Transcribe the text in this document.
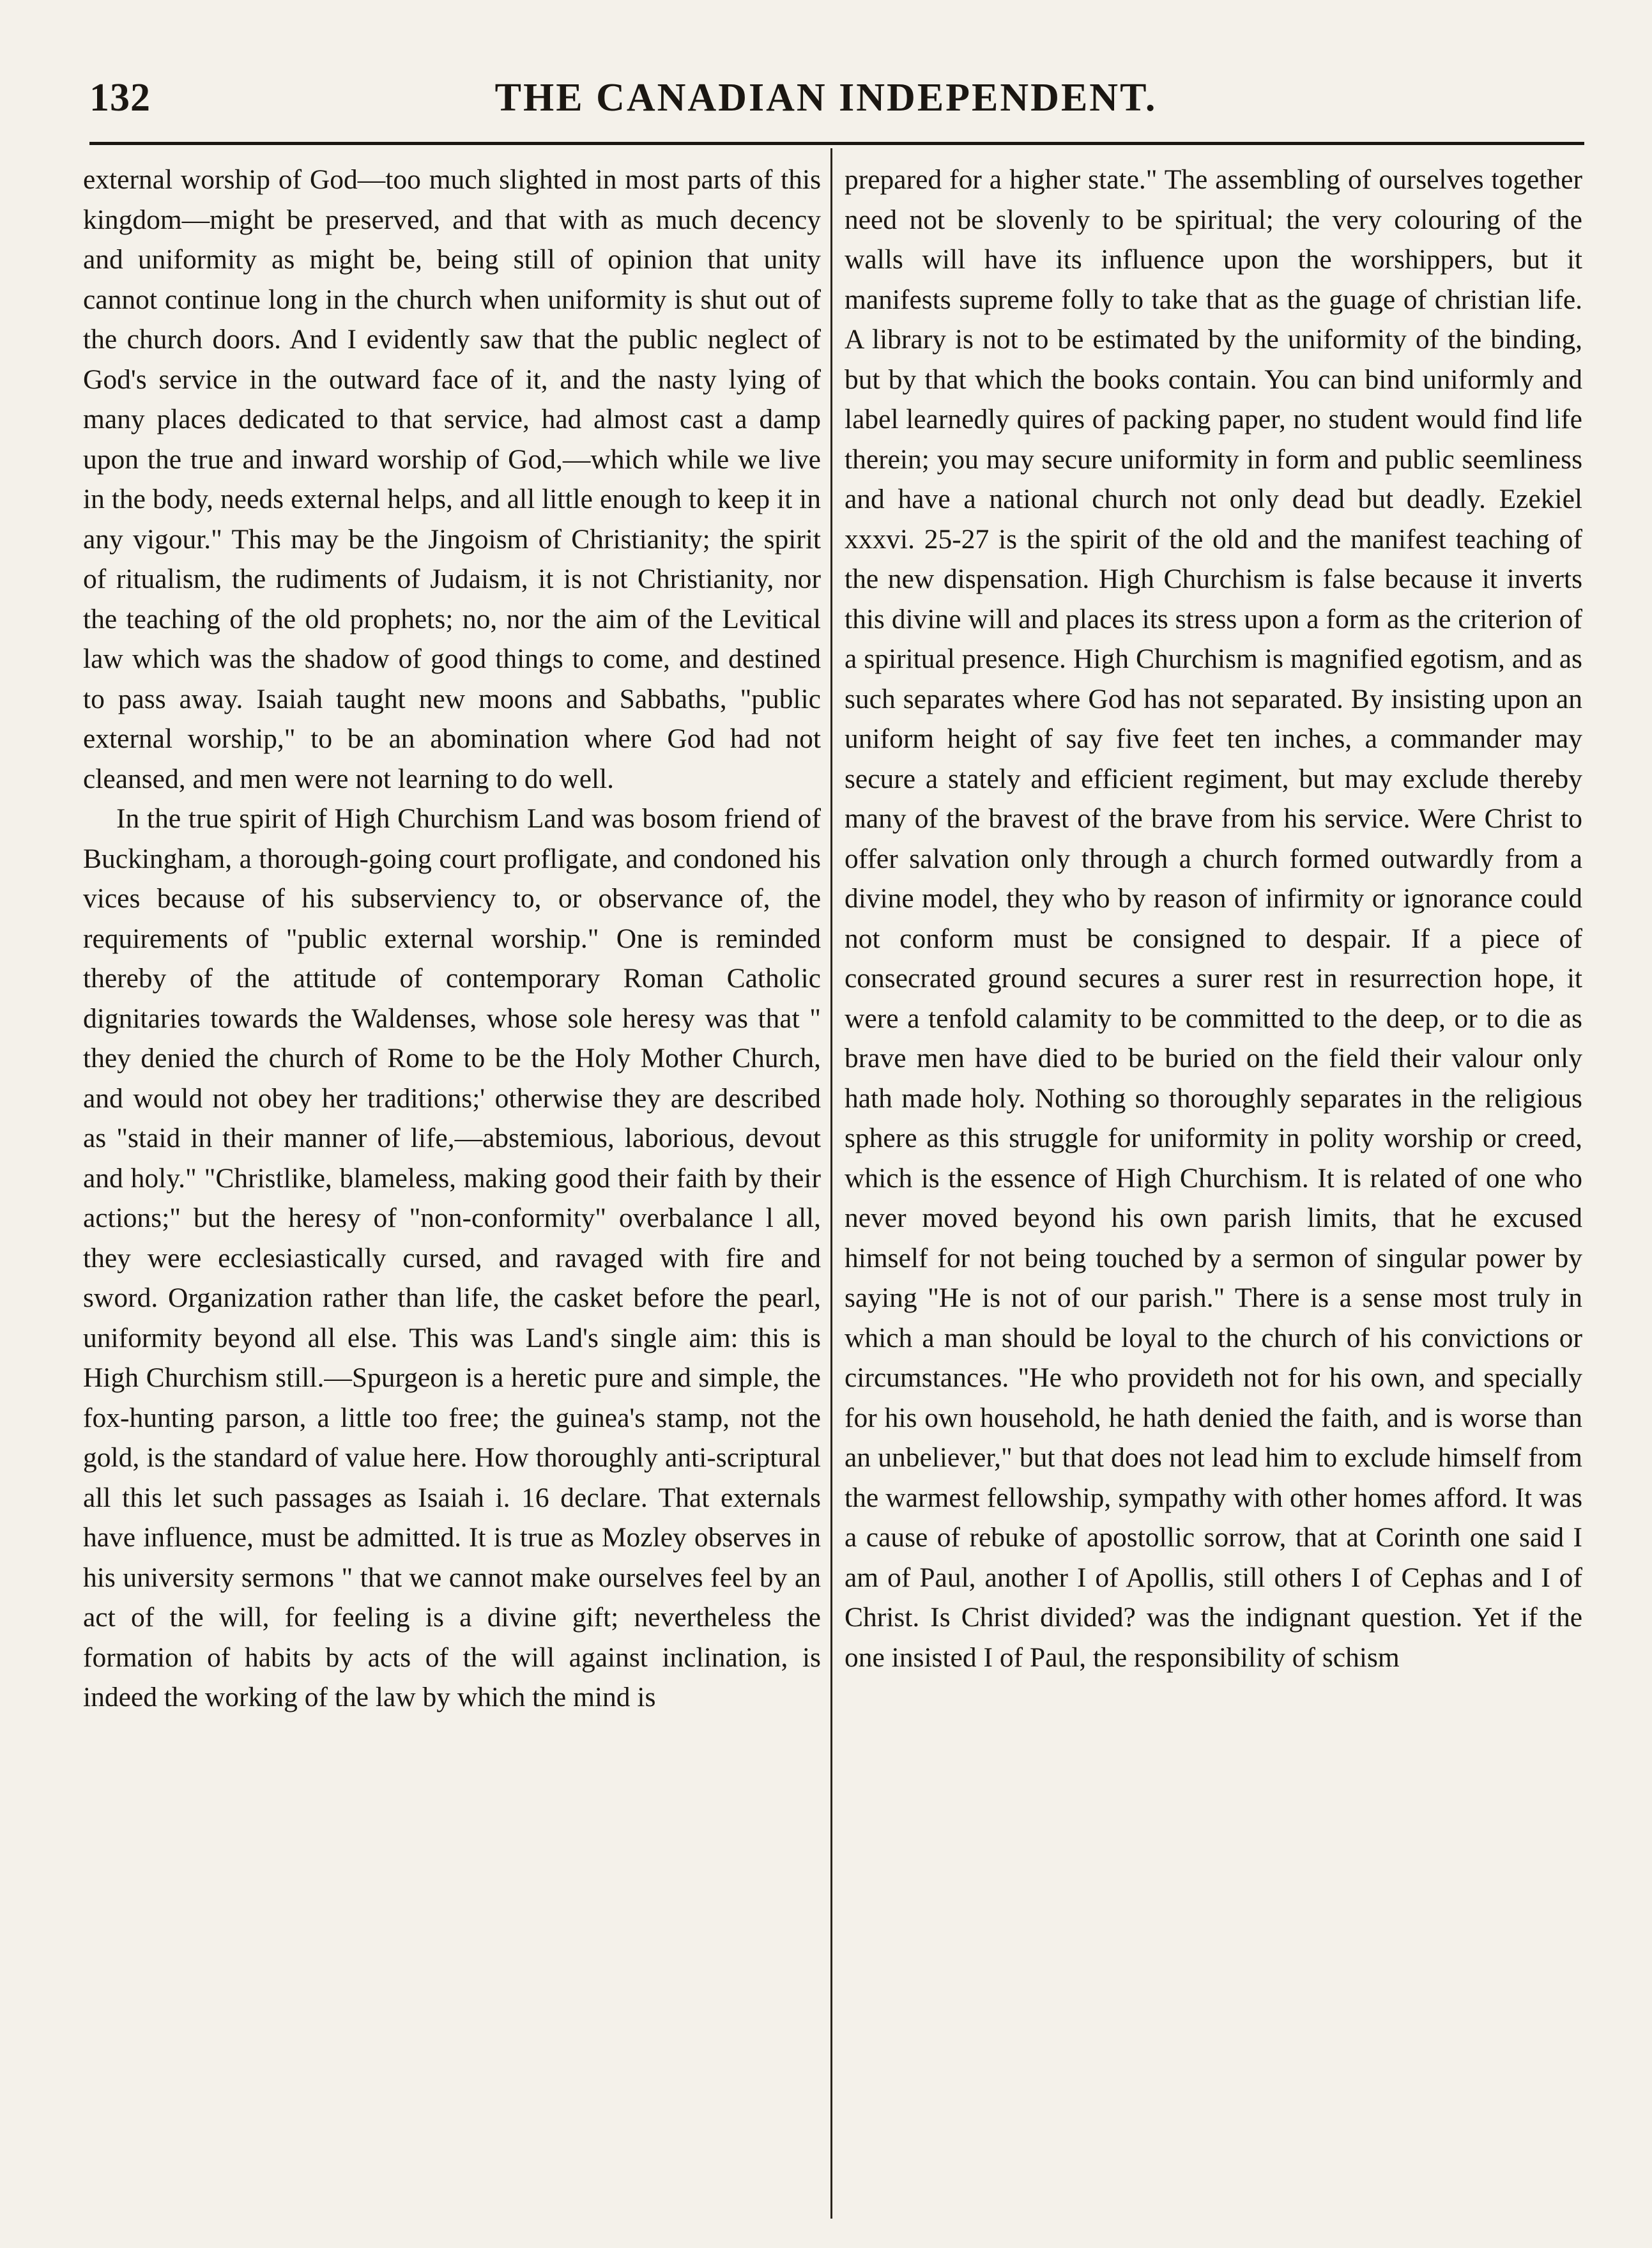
132	THE CANADIAN INDEPENDENT.

external worship of God—too much slighted in most parts of this kingdom—might be preserved, and that with as much decency and uniformity as might be, being still of opinion that unity cannot continue long in the church when uniformity is shut out of the church doors. And I evidently saw that the public neglect of God's service in the outward face of it, and the nasty lying of many places dedicated to that service, had almost cast a damp upon the true and inward worship of God,—which while we live in the body, needs external helps, and all little enough to keep it in any vigour." This may be the Jingoism of Christianity; the spirit of ritualism, the rudiments of Judaism, it is not Christianity, nor the teaching of the old prophets; no, nor the aim of the Levitical law which was the shadow of good things to come, and destined to pass away. Isaiah taught new moons and Sabbaths, "public external worship," to be an abomination where God had not cleansed, and men were not learning to do well.

In the true spirit of High Churchism Land was bosom friend of Buckingham, a thorough-going court profligate, and condoned his vices because of his subserviency to, or observance of, the requirements of "public external worship." One is reminded thereby of the attitude of contemporary Roman Catholic dignitaries towards the Waldenses, whose sole heresy was that " they denied the church of Rome to be the Holy Mother Church, and would not obey her traditions;' otherwise they are described as "staid in their manner of life,—abstemious, laborious, devout and holy." "Christlike, blameless, making good their faith by their actions;" but the heresy of "non-conformity" overbalance l all, they were ecclesiastically cursed, and ravaged with fire and sword. Organization rather than life, the casket before the pearl, uniformity beyond all else. This was Land's single aim: this is High Churchism still.—Spurgeon is a heretic pure and simple, the fox-hunting parson, a little too free; the guinea's stamp, not the gold, is the standard of value here. How thoroughly anti-scriptural all this let such passages as Isaiah i. 16 declare. That externals have influence, must be admitted. It is true as Mozley observes in his university sermons " that we cannot make ourselves feel by an act of the will, for feeling is a divine gift; nevertheless the formation of habits by acts of the will against inclination, is indeed the working of the law by which the mind is

prepared for a higher state." The assembling of ourselves together need not be slovenly to be spiritual; the very colouring of the walls will have its influence upon the worshippers, but it manifests supreme folly to take that as the guage of christian life. A library is not to be estimated by the uniformity of the binding, but by that which the books contain. You can bind uniformly and label learnedly quires of packing paper, no student would find life therein; you may secure uniformity in form and public seemliness and have a national church not only dead but deadly. Ezekiel xxxvi. 25-27 is the spirit of the old and the manifest teaching of the new dispensation. High Churchism is false because it inverts this divine will and places its stress upon a form as the criterion of a spiritual presence. High Churchism is magnified egotism, and as such separates where God has not separated. By insisting upon an uniform height of say five feet ten inches, a commander may secure a stately and efficient regiment, but may exclude thereby many of the bravest of the brave from his service. Were Christ to offer salvation only through a church formed outwardly from a divine model, they who by reason of infirmity or ignorance could not conform must be consigned to despair. If a piece of consecrated ground secures a surer rest in resurrection hope, it were a tenfold calamity to be committed to the deep, or to die as brave men have died to be buried on the field their valour only hath made holy. Nothing so thoroughly separates in the religious sphere as this struggle for uniformity in polity worship or creed, which is the essence of High Churchism. It is related of one who never moved beyond his own parish limits, that he excused himself for not being touched by a sermon of singular power by saying "He is not of our parish." There is a sense most truly in which a man should be loyal to the church of his convictions or circumstances. "He who provideth not for his own, and specially for his own household, he hath denied the faith, and is worse than an unbeliever," but that does not lead him to exclude himself from the warmest fellowship, sympathy with other homes afford. It was a cause of rebuke of apostollic sorrow, that at Corinth one said I am of Paul, another I of Apollis, still others I of Cephas and I of Christ. Is Christ divided? was the indignant question. Yet if the one insisted I of Paul, the responsibility of schism
